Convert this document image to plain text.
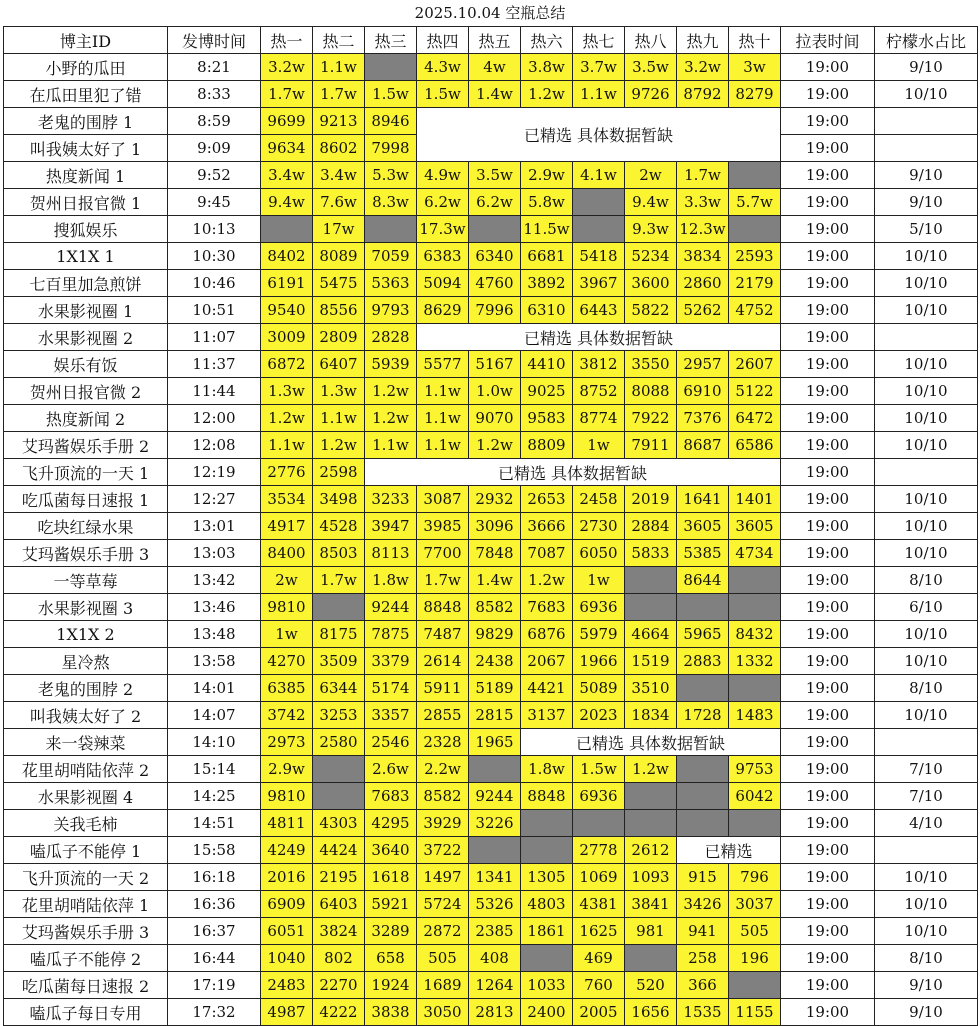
2025.10.04 空瓶总结
博主ID	发博时间	热一	热二	热三	热四	热五	热六	热七	热八	热九	热十	拉表时间	柠檬水占比
小野的瓜田	8:21	3.2w	1.1w		4.3w	4w	3.8w	3.7w	3.5w	3.2w	3w	19:00	9/10
在瓜田里犯了错	8:33	1.7w	1.7w	1.5w	1.5w	1.4w	1.2w	1.1w	9726	8792	8279	19:00	10/10
老鬼的围脖 1	8:59	9699	9213	8946	已精选 具体数据暂缺							19:00	
叫我姨太好了 1	9:09	9634	8602	7998								19:00	
热度新闻 1	9:52	3.4w	3.4w	5.3w	4.9w	3.5w	2.9w	4.1w	2w	1.7w		19:00	9/10
贺州日报官微 1	9:45	9.4w	7.6w	8.3w	6.2w	6.2w	5.8w		9.4w	3.3w	5.7w	19:00	9/10
搜狐娱乐	10:13		17w		17.3w		11.5w		9.3w	12.3w		19:00	5/10
1X1X 1	10:30	8402	8089	7059	6383	6340	6681	5418	5234	3834	2593	19:00	10/10
七百里加急煎饼	10:46	6191	5475	5363	5094	4760	3892	3967	3600	2860	2179	19:00	10/10
水果影视圈 1	10:51	9540	8556	9793	8629	7996	6310	6443	5822	5262	4752	19:00	10/10
水果影视圈 2	11:07	3009	2809	2828	已精选 具体数据暂缺							19:00	
娱乐有饭	11:37	6872	6407	5939	5577	5167	4410	3812	3550	2957	2607	19:00	10/10
贺州日报官微 2	11:44	1.3w	1.3w	1.2w	1.1w	1.0w	9025	8752	8088	6910	5122	19:00	10/10
热度新闻 2	12:00	1.2w	1.1w	1.2w	1.1w	9070	9583	8774	7922	7376	6472	19:00	10/10
艾玛酱娱乐手册 2	12:08	1.1w	1.2w	1.1w	1.1w	1.2w	8809	1w	7911	8687	6586	19:00	10/10
飞升顶流的一天 1	12:19	2776	2598	已精选 具体数据暂缺								19:00	
吃瓜菌每日速报 1	12:27	3534	3498	3233	3087	2932	2653	2458	2019	1641	1401	19:00	10/10
吃块红绿水果	13:01	4917	4528	3947	3985	3096	3666	2730	2884	3605	3605	19:00	10/10
艾玛酱娱乐手册 3	13:03	8400	8503	8113	7700	7848	7087	6050	5833	5385	4734	19:00	10/10
一等草莓	13:42	2w	1.7w	1.8w	1.7w	1.4w	1.2w	1w		8644		19:00	8/10
水果影视圈 3	13:46	9810		9244	8848	8582	7683	6936				19:00	6/10
1X1X 2	13:48	1w	8175	7875	7487	9829	6876	5979	4664	5965	8432	19:00	10/10
星冷熬	13:58	4270	3509	3379	2614	2438	2067	1966	1519	2883	1332	19:00	10/10
老鬼的围脖 2	14:01	6385	6344	5174	5911	5189	4421	5089	3510			19:00	8/10
叫我姨太好了 2	14:07	3742	3253	3357	2855	2815	3137	2023	1834	1728	1483	19:00	10/10
来一袋辣菜	14:10	2973	2580	2546	2328	1965	已精选 具体数据暂缺					19:00	
花里胡哨陆依萍 2	15:14	2.9w		2.6w	2.2w		1.8w	1.5w	1.2w		9753	19:00	7/10
水果影视圈 4	14:25	9810		7683	8582	9244	8848	6936			6042	19:00	7/10
关我毛柿	14:51	4811	4303	4295	3929	3226						19:00	4/10
嗑瓜子不能停 1	15:58	4249	4424	3640	3722			2778	2612	已精选		19:00	
飞升顶流的一天 2	16:18	2016	2195	1618	1497	1341	1305	1069	1093	915	796	19:00	10/10
花里胡哨陆依萍 1	16:36	6909	6403	5921	5724	5326	4803	4381	3841	3426	3037	19:00	10/10
艾玛酱娱乐手册 3	16:37	6051	3824	3289	2872	2385	1861	1625	981	941	505	19:00	10/10
嗑瓜子不能停 2	16:44	1040	802	658	505	408		469		258	196	19:00	8/10
吃瓜菌每日速报 2	17:19	2483	2270	1924	1689	1264	1033	760	520	366		19:00	9/10
嗑瓜子每日专用	17:32	4987	4222	3838	3050	2813	2400	2005	1656	1535	1155	19:00	9/10
